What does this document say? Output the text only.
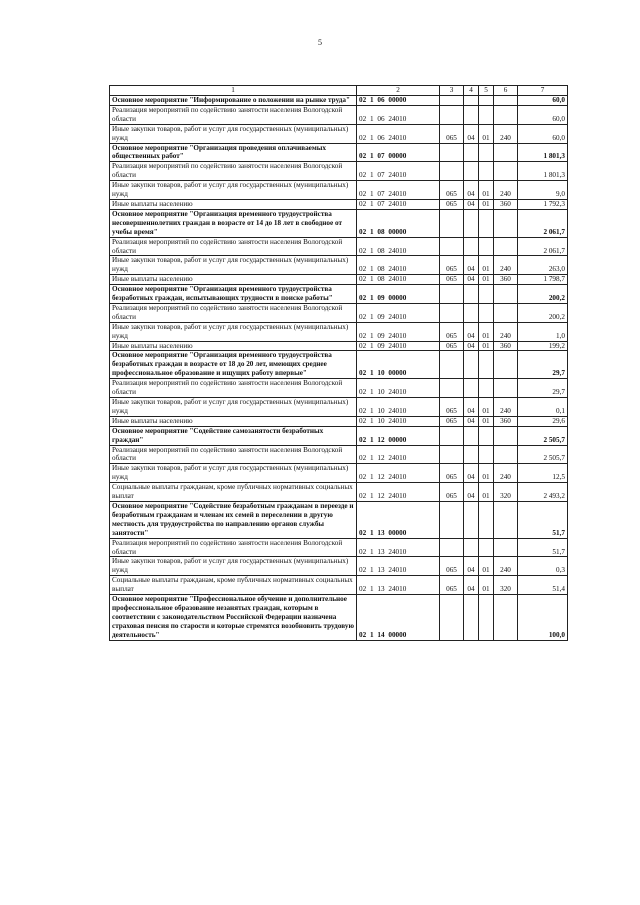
5
1	2	3	4	5	6	7
Основное мероприятие "Информирование о положении на рынке труда"	02 1 06 00000					60,0
Реализация мероприятий по содействию занятости населения Вологодской области	02 1 06 24010					60,0
Иные закупки товаров, работ и услуг для государственных (муниципальных) нужд	02 1 06 24010	065	04	01	240	60,0
Основное мероприятие "Организация проведения оплачиваемых общественных работ"	02 1 07 00000					1 801,3
Реализация мероприятий по содействию занятости населения Вологодской области	02 1 07 24010					1 801,3
Иные закупки товаров, работ и услуг для государственных (муниципальных) нужд	02 1 07 24010	065	04	01	240	9,0
Иные выплаты населению	02 1 07 24010	065	04	01	360	1 792,3
Основное мероприятие "Организация временного трудоустройства несовершеннолетних граждан в возрасте от 14 до 18 лет в свободное от учебы время"	02 1 08 00000					2 061,7
Реализация мероприятий по содействию занятости населения Вологодской области	02 1 08 24010					2 061,7
Иные закупки товаров, работ и услуг для государственных (муниципальных) нужд	02 1 08 24010	065	04	01	240	263,0
Иные выплаты населению	02 1 08 24010	065	04	01	360	1 798,7
Основное мероприятие "Организация временного трудоустройства безработных граждан, испытывающих трудности в поиске работы"	02 1 09 00000					200,2
Реализация мероприятий по содействию занятости населения Вологодской области	02 1 09 24010					200,2
Иные закупки товаров, работ и услуг для государственных (муниципальных) нужд	02 1 09 24010	065	04	01	240	1,0
Иные выплаты населению	02 1 09 24010	065	04	01	360	199,2
Основное мероприятие "Организация временного трудоустройства безработных граждан в возрасте от 18 до 20 лет, имеющих среднее профессиональное образование и ищущих работу впервые"	02 1 10 00000					29,7
Реализация мероприятий по содействию занятости населения Вологодской области	02 1 10 24010					29,7
Иные закупки товаров, работ и услуг для государственных (муниципальных) нужд	02 1 10 24010	065	04	01	240	0,1
Иные выплаты населению	02 1 10 24010	065	04	01	360	29,6
Основное мероприятие "Содействие самозанятости безработных граждан"	02 1 12 00000					2 505,7
Реализация мероприятий по содействию занятости населения Вологодской области	02 1 12 24010					2 505,7
Иные закупки товаров, работ и услуг для государственных (муниципальных) нужд	02 1 12 24010	065	04	01	240	12,5
Социальные выплаты гражданам, кроме публичных нормативных социальных выплат	02 1 12 24010	065	04	01	320	2 493,2
Основное мероприятие "Содействие безработным гражданам в переезде и безработным гражданам и членам их семей в переселении в другую местность для трудоустройства по направлению органов службы занятости"	02 1 13 00000					51,7
Реализация мероприятий по содействию занятости населения Вологодской области	02 1 13 24010					51,7
Иные закупки товаров, работ и услуг для государственных (муниципальных) нужд	02 1 13 24010	065	04	01	240	0,3
Социальные выплаты гражданам, кроме публичных нормативных социальных выплат	02 1 13 24010	065	04	01	320	51,4
Основное мероприятие "Профессиональное обучение и дополнительное профессиональное образование незанятых граждан, которым в соответствии с законодательством Российской Федерации назначена страховая пенсия по старости и которые стремятся возобновить трудовую деятельность"	02 1 14 00000					100,0
